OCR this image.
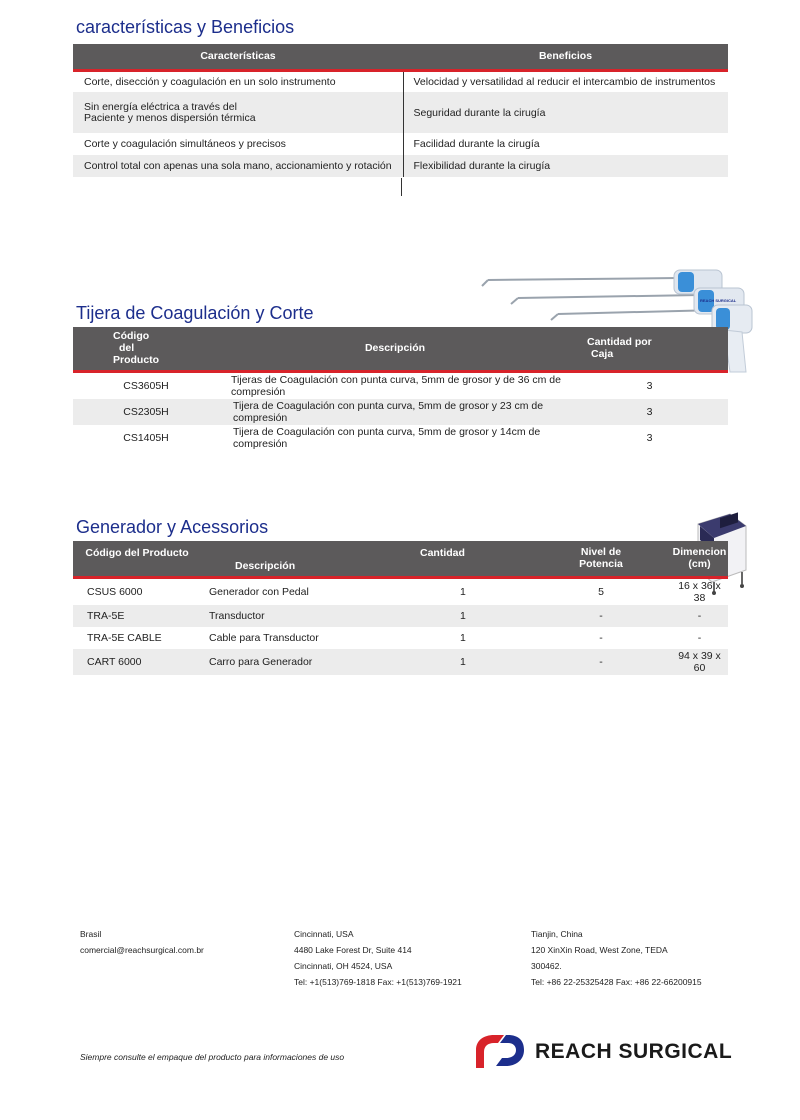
características y Beneficios
Características	Beneficios
Corte, disección y coagulación en un solo instrumento	Velocidad y versatilidad al reducir el intercambio de instrumentos
Sin energía eléctrica a través del
Paciente y menos dispersión térmica	Seguridad durante la cirugía
Corte y coagulación simultáneos y precisos	Facilidad durante la cirugía
Control total con apenas una sola mano, accionamiento y rotación	Flexibilidad durante la cirugía
REACH SURGICAL
Tijera de Coagulación y Corte
Código
del
Producto	Descripción	Cantidad por
Caja
CS3605H	Tijeras de Coagulación con punta curva, 5mm de grosor y de 36 cm de compresión	3
CS2305H	Tijera de Coagulación con punta curva, 5mm de grosor y 23 cm de compresión	3
CS1405H	Tijera de Coagulación con punta curva, 5mm de grosor y 14cm de compresión	3
Generador y Acessorios
Código del Producto	Descripción	Cantidad	Nivel de
Potencia	Dimencion
(cm)
CSUS 6000	Generador con Pedal	1	5	16 x 36 x 38
TRA-5E	Transductor	1	-	-
TRA-5E CABLE	Cable para Transductor	1	-	-
CART 6000	Carro para Generador	1	-	94 x 39 x 60
Brasil
comercial@reachsurgical.com.br
Cincinnati, USA
4480 Lake Forest Dr, Suite 414
Cincinnati, OH 4524, USA
Tel: +1(513)769-1818 Fax: +1(513)769-1921
Tianjin, China
120 XinXin Road, West Zone, TEDA
300462.
Tel: +86 22-25325428 Fax: +86 22-66200915
Siempre consulte el empaque del producto para informaciones de uso	REACH SURGICAL
